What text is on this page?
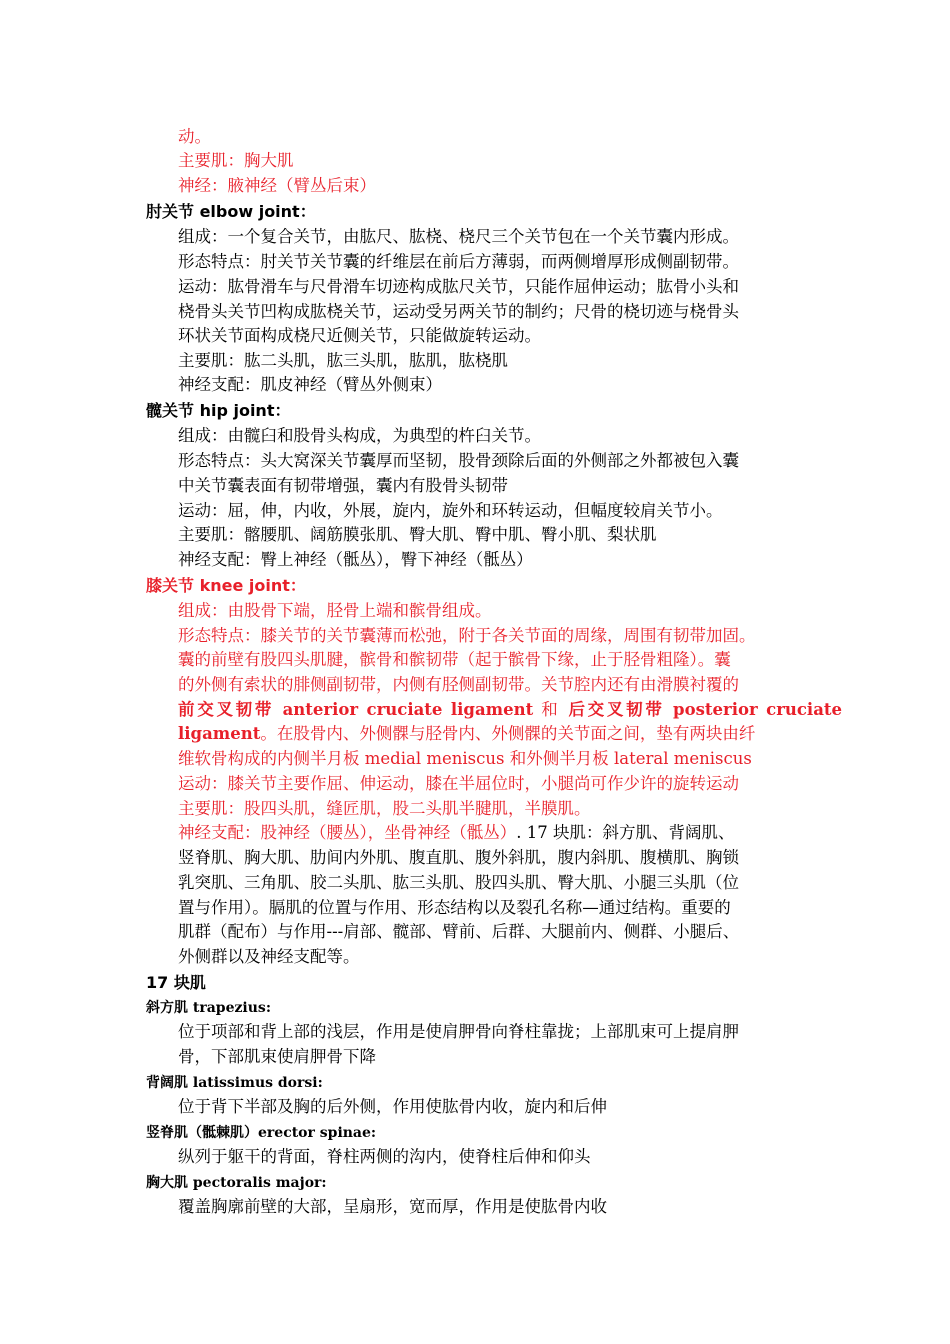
动。
主要肌：胸大肌
神经：腋神经（臂丛后束）
肘关节 elbow joint：
组成：一个复合关节，由肱尺、肱桡、桡尺三个关节包在一个关节囊内形成。
形态特点：肘关节关节囊的纤维层在前后方薄弱，而两侧增厚形成侧副韧带。
运动：肱骨滑车与尺骨滑车切迹构成肱尺关节，只能作屈伸运动；肱骨小头和
桡骨头关节凹构成肱桡关节，运动受另两关节的制约；尺骨的桡切迹与桡骨头
环状关节面构成桡尺近侧关节，只能做旋转运动。
主要肌：肱二头肌，肱三头肌，肱肌，肱桡肌
神经支配：肌皮神经（臂丛外侧束）
髋关节 hip joint：
组成：由髋臼和股骨头构成，为典型的杵臼关节。
形态特点：头大窝深关节囊厚而坚韧，股骨颈除后面的外侧部之外都被包入囊
中关节囊表面有韧带增强，囊内有股骨头韧带
运动：屈，伸，内收，外展，旋内，旋外和环转运动，但幅度较肩关节小。
主要肌：髂腰肌、阔筋膜张肌、臀大肌、臀中肌、臀小肌、梨状肌
神经支配：臀上神经（骶丛），臀下神经（骶丛）
膝关节 knee joint：
组成：由股骨下端，胫骨上端和髌骨组成。
形态特点：膝关节的关节囊薄而松弛，附于各关节面的周缘，周围有韧带加固。
囊的前壁有股四头肌腱，髌骨和髌韧带（起于髌骨下缘，止于胫骨粗隆）。囊
的外侧有索状的腓侧副韧带，内侧有胫侧副韧带。关节腔内还有由滑膜衬覆的
前交叉韧带 anterior cruciate ligament 和 后交叉韧带 posterior cruciate
ligament。在股骨内、外侧髁与胫骨内、外侧髁的关节面之间，垫有两块由纤
维软骨构成的内侧半月板 medial meniscus 和外侧半月板 lateral meniscus
运动：膝关节主要作屈、伸运动，膝在半屈位时，小腿尚可作少许的旋转运动
主要肌：股四头肌，缝匠肌，股二头肌半腱肌，半膜肌。
神经支配：股神经（腰丛），坐骨神经（骶丛）. 17 块肌：斜方肌、背阔肌、
竖脊肌、胸大肌、肋间内外肌、腹直肌、腹外斜肌，腹内斜肌、腹横肌、胸锁
乳突肌、三角肌、胶二头肌、肱三头肌、股四头肌、臀大肌、小腿三头肌（位
置与作用）。膈肌的位置与作用、形态结构以及裂孔名称—通过结构。重要的
肌群（配布）与作用---肩部、髋部、臂前、后群、大腿前内、侧群、小腿后、
外侧群以及神经支配等。
17 块肌
斜方肌 trapezius:
位于项部和背上部的浅层，作用是使肩胛骨向脊柱靠拢；上部肌束可上提肩胛
骨，下部肌束使肩胛骨下降
背阔肌 latissimus dorsi:
位于背下半部及胸的后外侧，作用使肱骨内收，旋内和后伸
竖脊肌（骶棘肌）erector spinae:
纵列于躯干的背面，脊柱两侧的沟内，使脊柱后伸和仰头
胸大肌 pectoralis major:
覆盖胸廓前壁的大部，呈扇形，宽而厚，作用是使肱骨内收
